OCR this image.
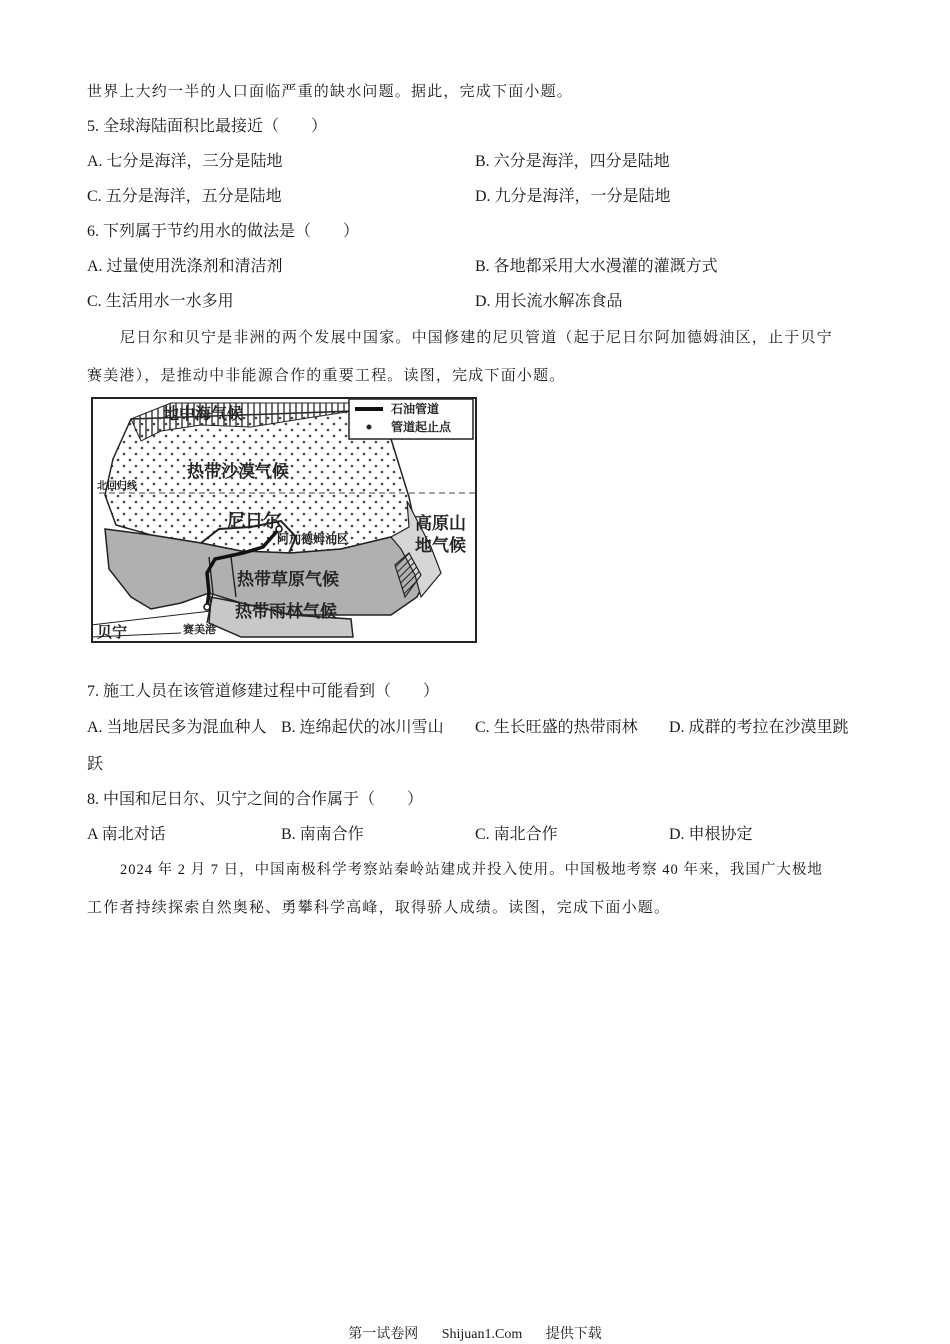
世界上大约一半的人口面临严重的缺水问题。据此，完成下面小题。
5. 全球海陆面积比最接近（　　）
A. 七分是海洋，三分是陆地	B. 六分是海洋，四分是陆地
C. 五分是海洋，五分是陆地	D. 九分是海洋，一分是陆地
6. 下列属于节约用水的做法是（　　）
A. 过量使用洗涤剂和清洁剂	B. 各地都采用大水漫灌的灌溉方式
C. 生活用水一水多用	D. 用长流水解冻食品
尼日尔和贝宁是非洲的两个发展中国家。中国修建的尼贝管道（起于尼日尔阿加德姆油区，止于贝宁
赛美港），是推动中非能源合作的重要工程。读图，完成下面小题。
石油管道
管道起止点
地中海气候
热带沙漠气候
北回归线
尼日尔
阿加德姆油区
高原山
地气候
热带草原气候
热带雨林气候
贝宁	赛美港
7. 施工人员在该管道修建过程中可能看到（　　）
A. 当地居民多为混血种人 B. 连绵起伏的冰川雪山 C. 生长旺盛的热带雨林 D. 成群的考拉在沙漠里跳
跃
8. 中国和尼日尔、贝宁之间的合作属于（　　）
A 南北对话	B. 南南合作	C. 南北合作	D. 申根协定
2024 年 2 月 7 日，中国南极科学考察站秦岭站建成并投入使用。中国极地考察 40 年来，我国广大极地
工作者持续探索自然奥秘、勇攀科学高峰，取得骄人成绩。读图，完成下面小题。
第一试卷网 Shijuan1.Com 提供下载
